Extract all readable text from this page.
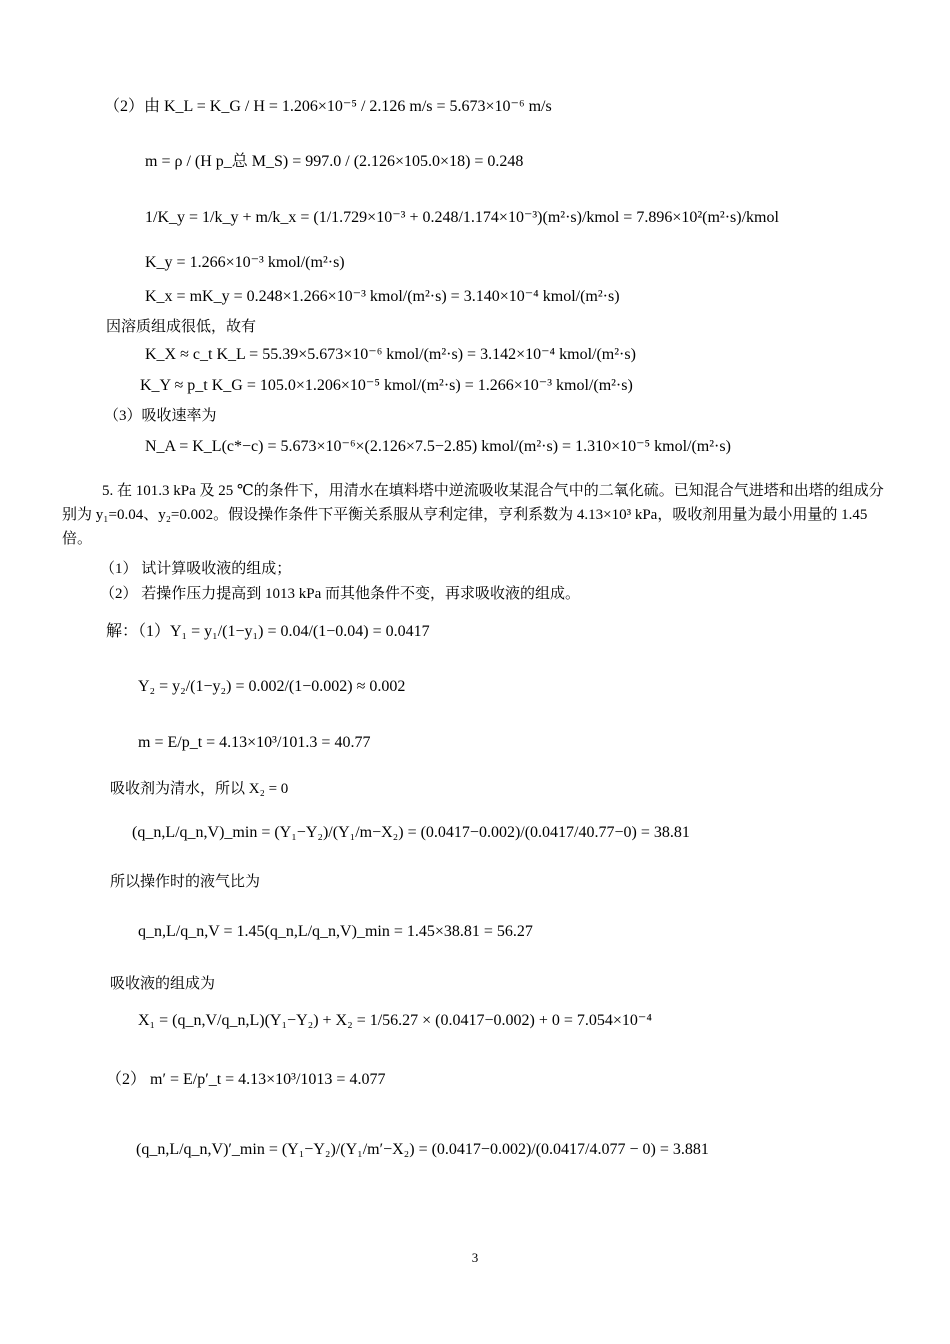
（2）由 K_L = K_G / H = 1.206×10⁻⁵ / 2.126 m/s = 5.673×10⁻⁶ m/s
m = ρ / (H p_总 M_S) = 997.0 / (2.126×105.0×18) = 0.248
1/K_y = 1/k_y + m/k_x = (1/1.729×10⁻³ + 0.248/1.174×10⁻³)(m²·s)/kmol = 7.896×10²(m²·s)/kmol
K_y = 1.266×10⁻³ kmol/(m²·s)
K_x = mK_y = 0.248×1.266×10⁻³ kmol/(m²·s) = 3.140×10⁻⁴ kmol/(m²·s)
因溶质组成很低，故有
K_X ≈ c_t K_L = 55.39×5.673×10⁻⁶ kmol/(m²·s) = 3.142×10⁻⁴ kmol/(m²·s)
K_Y ≈ p_t K_G = 105.0×1.206×10⁻⁵ kmol/(m²·s) = 1.266×10⁻³ kmol/(m²·s)
（3）吸收速率为
N_A = K_L(c*−c) = 5.673×10⁻⁶×(2.126×7.5−2.85) kmol/(m²·s) = 1.310×10⁻⁵ kmol/(m²·s)
5. 在 101.3 kPa 及 25 ℃的条件下，用清水在填料塔中逆流吸收某混合气中的二氧化硫。已知混合气进塔和出塔的组成分别为 y₁=0.04、y₂=0.002。假设操作条件下平衡关系服从亨利定律，亨利系数为 4.13×10³ kPa，吸收剂用量为最小用量的 1.45 倍。
（1） 试计算吸收液的组成；
（2） 若操作压力提高到 1013 kPa 而其他条件不变，再求吸收液的组成。
解：（1）Y₁ = y₁/(1−y₁) = 0.04/(1−0.04) = 0.0417
Y₂ = y₂/(1−y₂) = 0.002/(1−0.002) ≈ 0.002
m = E/p_t = 4.13×10³/101.3 = 40.77
吸收剂为清水，所以 X₂ = 0
(q_n,L/q_n,V)_min = (Y₁−Y₂)/(Y₁/m−X₂) = (0.0417−0.002)/(0.0417/40.77−0) = 38.81
所以操作时的液气比为
q_n,L/q_n,V = 1.45(q_n,L/q_n,V)_min = 1.45×38.81 = 56.27
吸收液的组成为
X₁ = (q_n,V/q_n,L)(Y₁−Y₂) + X₂ = 1/56.27 × (0.0417−0.002) + 0 = 7.054×10⁻⁴
（2） m′ = E/p′_t = 4.13×10³/1013 = 4.077
(q_n,L/q_n,V)′_min = (Y₁−Y₂)/(Y₁/m′−X₂) = (0.0417−0.002)/(0.0417/4.077 − 0) = 3.881
3
